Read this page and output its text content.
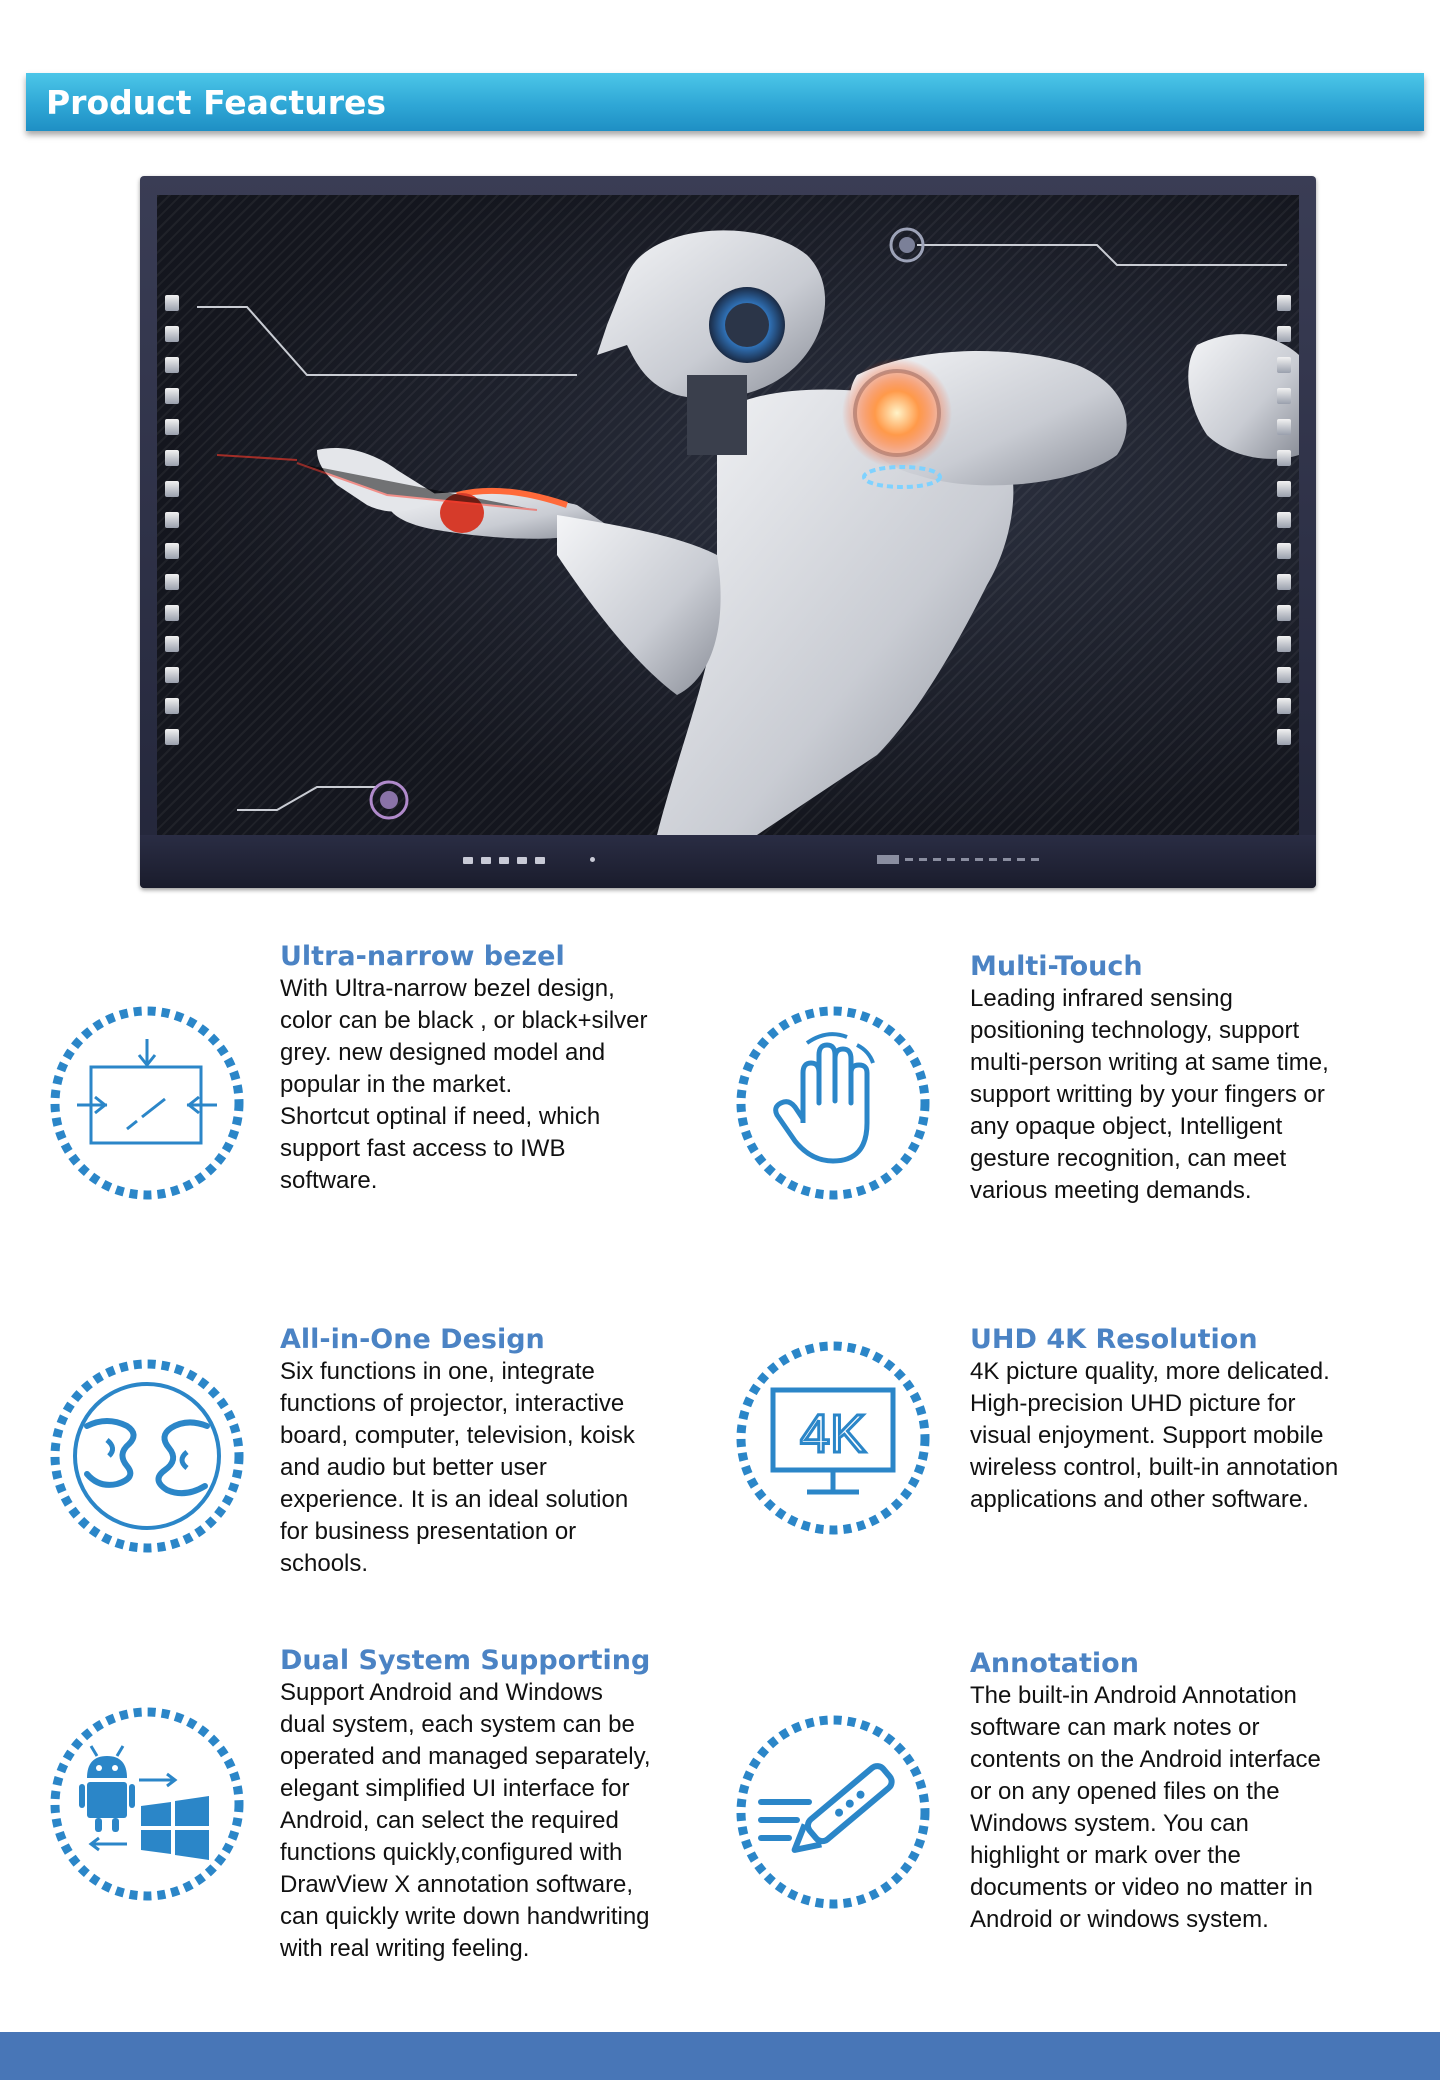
Product Feactures

Ultra-narrow bezel

With Ultra-narrow bezel design,
color can be black , or black+silver
grey. new designed model and
popular in the market.
Shortcut optinal if need, which
support fast access to IWB
software.

Multi-Touch

Leading infrared sensing
positioning technology, support
multi-person writing at same time,
support writting by your fingers or
any opaque object, Intelligent
gesture recognition, can meet
various meeting demands.

All-in-One Design

Six functions in one, integrate
functions of projector, interactive
board, computer, television, koisk
and audio but better user
experience. It is an ideal solution
for business presentation or
schools.

4K

UHD 4K Resolution

4K picture quality, more delicated.
High-precision UHD picture for
visual enjoyment. Support mobile
wireless control, built-in annotation
applications and other software.

Dual System Supporting

Support Android and Windows
dual system, each system can be
operated and managed separately,
elegant simplified UI interface for
Android, can select the required
functions quickly,configured with
DrawView X annotation software,
can quickly write down handwriting
with real writing feeling.

Annotation

The built-in Android Annotation
software can mark notes or
contents on the Android interface
or on any opened files on the
Windows system. You can
highlight or mark over the
documents or video no matter in
Android or windows system.
